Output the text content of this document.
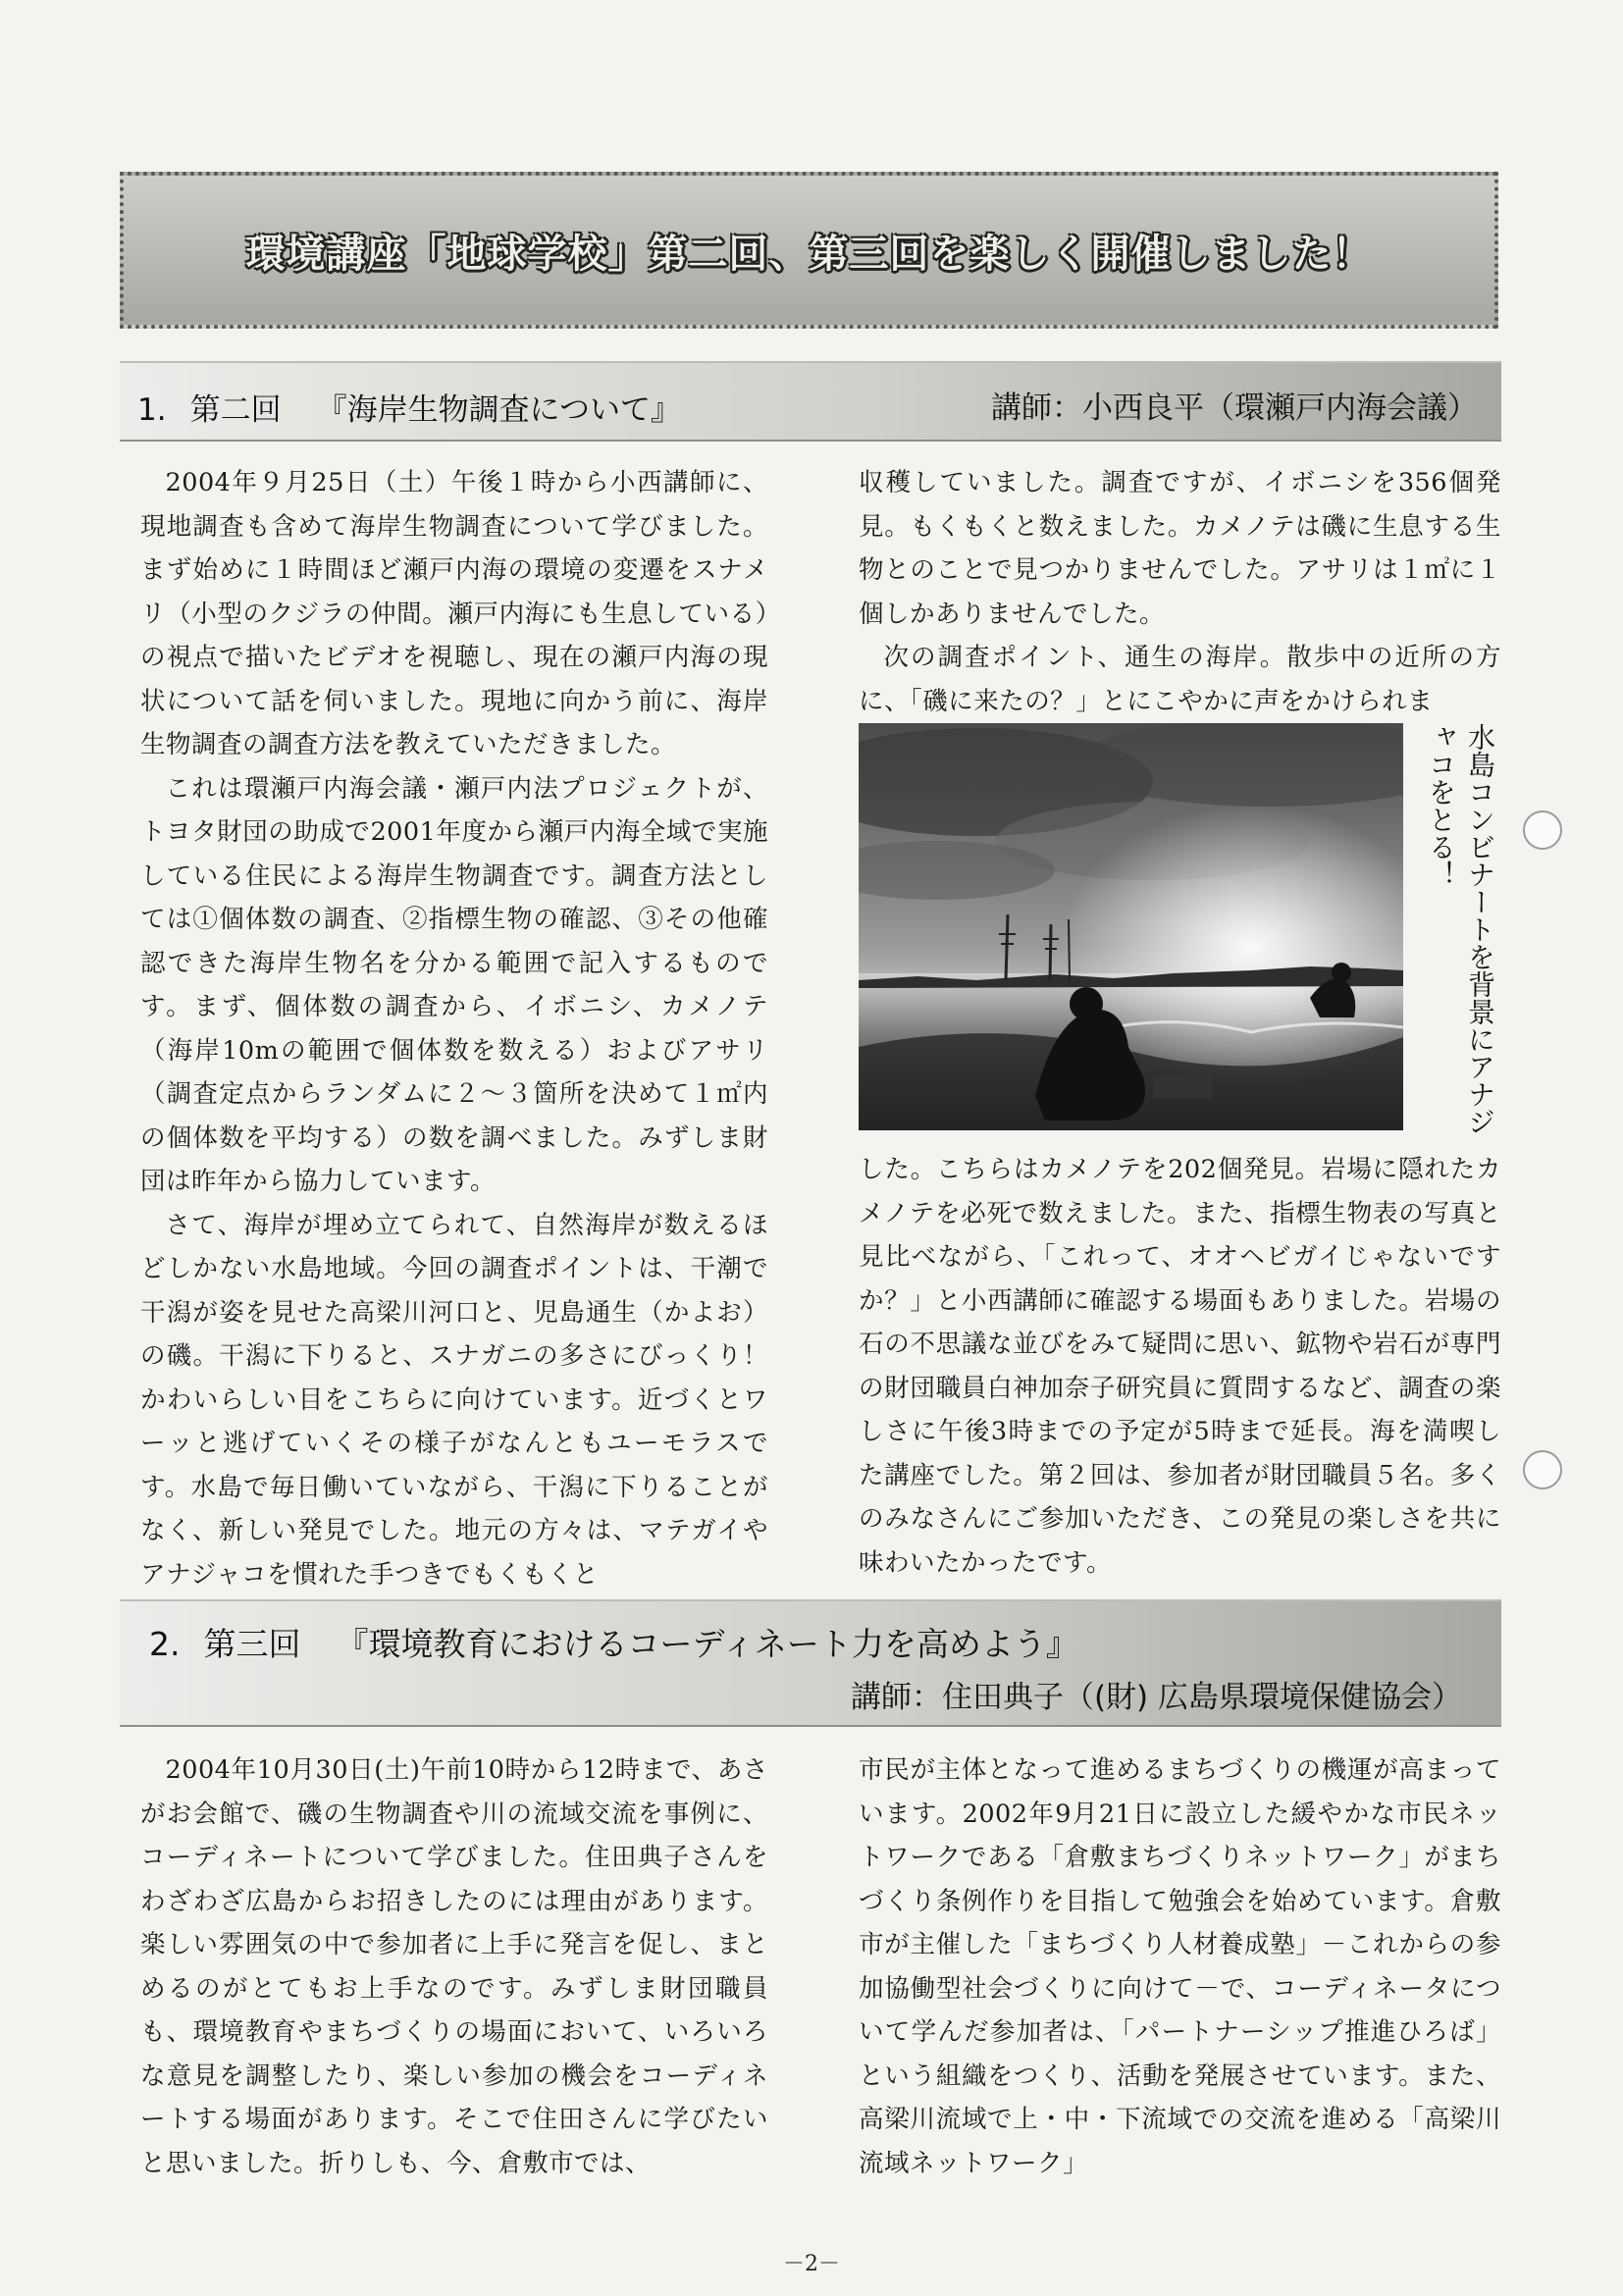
環境講座「地球学校」第二回、第三回を楽しく開催しました！
1. 第二回 『海岸生物調査について』	講師：小西良平（環瀬戸内海会議）

2004年９月25日（土）午後１時から小西講師に、現地調査も含めて海岸生物調査について学びました。まず始めに１時間ほど瀬戸内海の環境の変遷をスナメリ（小型のクジラの仲間。瀬戸内海にも生息している）の視点で描いたビデオを視聴し、現在の瀬戸内海の現状について話を伺いました。現地に向かう前に、海岸生物調査の調査方法を教えていただきました。

これは環瀬戸内海会議・瀬戸内法プロジェクトが、トヨタ財団の助成で2001年度から瀬戸内海全域で実施している住民による海岸生物調査です。調査方法としては①個体数の調査、②指標生物の確認、③その他確認できた海岸生物名を分かる範囲で記入するものです。まず、個体数の調査から、イボニシ、カメノテ（海岸10mの範囲で個体数を数える）およびアサリ（調査定点からランダムに２～３箇所を決めて１㎡内の個体数を平均する）の数を調べました。みずしま財団は昨年から協力しています。

さて、海岸が埋め立てられて、自然海岸が数えるほどしかない水島地域。今回の調査ポイントは、干潮で干潟が姿を見せた高梁川河口と、児島通生（かよお）の磯。干潟に下りると、スナガニの多さにびっくり！かわいらしい目をこちらに向けています。近づくとワーッと逃げていくその様子がなんともユーモラスです。水島で毎日働いていながら、干潟に下りることがなく、新しい発見でした。地元の方々は、マテガイやアナジャコを慣れた手つきでもくもくと

収穫していました。調査ですが、イボニシを356個発見。もくもくと数えました。カメノテは磯に生息する生物とのことで見つかりませんでした。アサリは１㎡に１個しかありませんでした。

次の調査ポイント、通生の海岸。散歩中の近所の方に、「磯に来たの？」とにこやかに声をかけられま

水島コンビナートを背景にアナジャコをとる！

した。こちらはカメノテを202個発見。岩場に隠れたカメノテを必死で数えました。また、指標生物表の写真と見比べながら、「これって、オオヘビガイじゃないですか？」と小西講師に確認する場面もありました。岩場の石の不思議な並びをみて疑問に思い、鉱物や岩石が専門の財団職員白神加奈子研究員に質問するなど、調査の楽しさに午後3時までの予定が5時まで延長。海を満喫した講座でした。第２回は、参加者が財団職員５名。多くのみなさんにご参加いただき、この発見の楽しさを共に味わいたかったです。

2. 第三回 『環境教育におけるコーディネート力を高めよう』
講師：住田典子（(財) 広島県環境保健協会）

2004年10月30日(土)午前10時から12時まで、あさがお会館で、磯の生物調査や川の流域交流を事例に、コーディネートについて学びました。住田典子さんをわざわざ広島からお招きしたのには理由があります。楽しい雰囲気の中で参加者に上手に発言を促し、まとめるのがとてもお上手なのです。みずしま財団職員も、環境教育やまちづくりの場面において、いろいろな意見を調整したり、楽しい参加の機会をコーディネートする場面があります。そこで住田さんに学びたいと思いました。折りしも、今、倉敷市では、

市民が主体となって進めるまちづくりの機運が高まっています。2002年9月21日に設立した緩やかな市民ネットワークである「倉敷まちづくりネットワーク」がまちづくり条例作りを目指して勉強会を始めています。倉敷市が主催した「まちづくり人材養成塾」－これからの参加協働型社会づくりに向けて－で、コーディネータについて学んだ参加者は、「パートナーシップ推進ひろば」という組織をつくり、活動を発展させています。また、高梁川流域で上・中・下流域での交流を進める「高梁川流域ネットワーク」

－2－
